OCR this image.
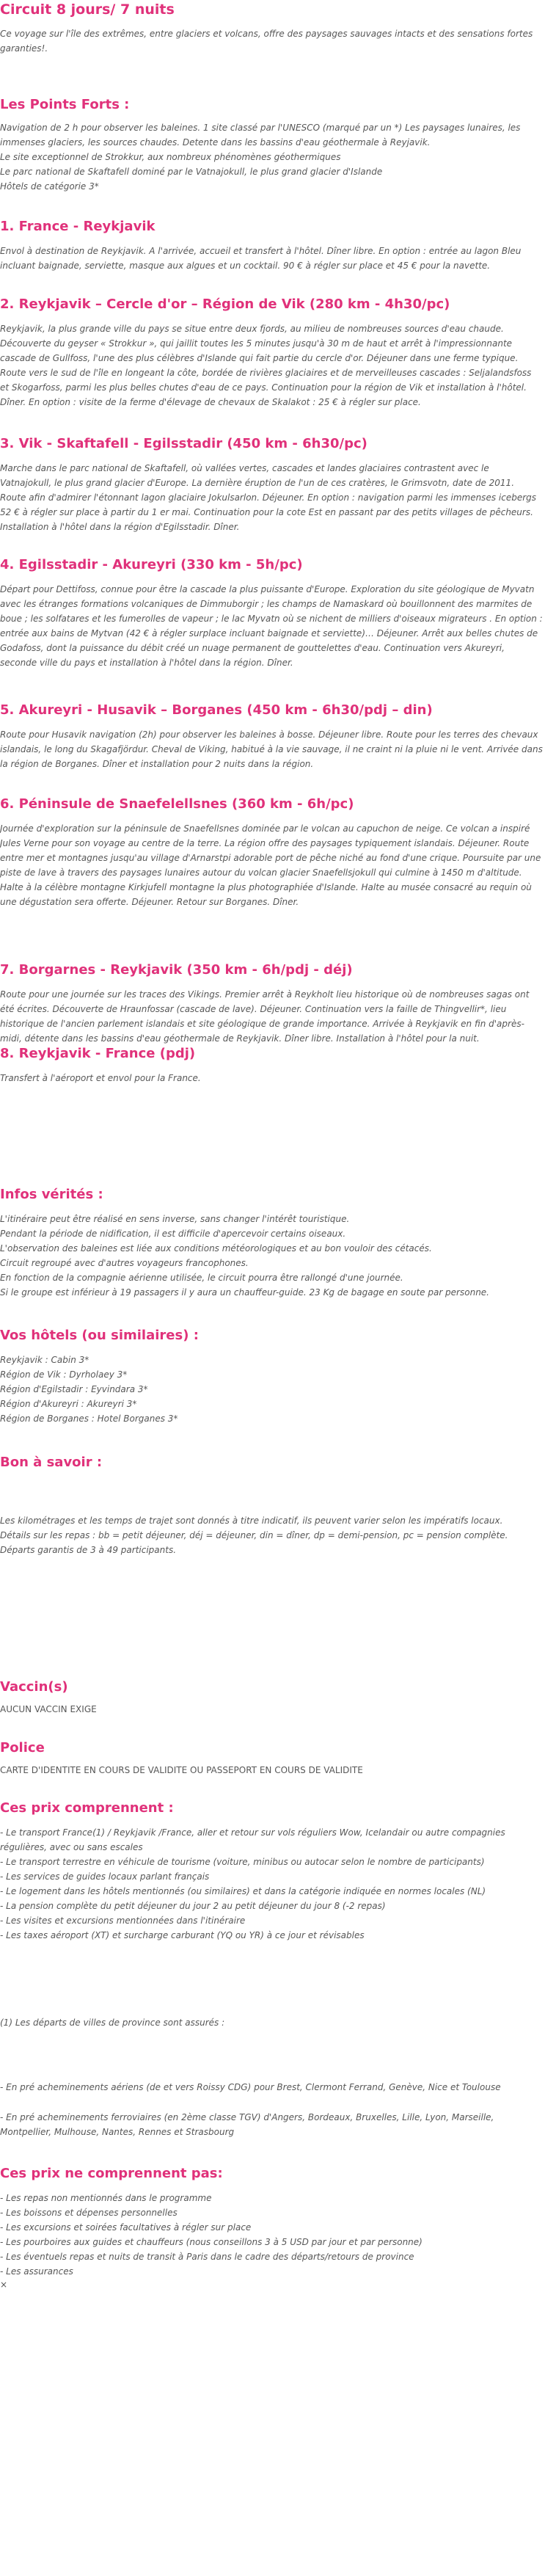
Circuit 8 jours/ 7 nuits

Ce voyage sur l'île des extrêmes, entre glaciers et volcans, offre des paysages sauvages intacts et des sensations fortes garanties!.

Les Points Forts :

Navigation de 2 h pour observer les baleines. 1 site classé par l'UNESCO (marqué par un *) Les paysages lunaires, les immenses glaciers, les sources chaudes. Detente dans les bassins d'eau géothermale à Reyjavik.

Le site exceptionnel de Strokkur, aux nombreux phénomènes géothermiques

Le parc national de Skaftafell dominé par le Vatnajokull, le plus grand glacier d'Islande

Hôtels de catégorie 3*

1. France - Reykjavik

Envol à destination de Reykjavik. A l'arrivée, accueil et transfert à l'hôtel. Dîner libre. En option : entrée au lagon Bleu incluant baignade, serviette, masque aux algues et un cocktail. 90 € à régler sur place et 45 € pour la navette.

2. Reykjavik – Cercle d'or – Région de Vik (280 km - 4h30/pc)

Reykjavik, la plus grande ville du pays se situe entre deux fjords, au milieu de nombreuses sources d'eau chaude. Découverte du geyser « Strokkur », qui jaillit toutes les 5 minutes jusqu'à 30 m de haut et arrêt à l'impressionnante cascade de Gullfoss, l'une des plus célèbres d'Islande qui fait partie du cercle d'or. Déjeuner dans une ferme typique. Route vers le sud de l'île en longeant la côte, bordée de rivières glaciaires et de merveilleuses cascades : Seljalandsfoss et Skogarfoss, parmi les plus belles chutes d'eau de ce pays. Continuation pour la région de Vik et installation à l'hôtel. Dîner. En option : visite de la ferme d'élevage de chevaux de Skalakot : 25 € à régler sur place.

3. Vik - Skaftafell - Egilsstadir (450 km - 6h30/pc)

Marche dans le parc national de Skaftafell, où vallées vertes, cascades et landes glaciaires contrastent avec le Vatnajokull, le plus grand glacier d'Europe. La dernière éruption de l'un de ces cratères, le Grimsvotn, date de 2011. Route afin d'admirer l'étonnant lagon glaciaire Jokulsarlon. Déjeuner. En option : navigation parmi les immenses icebergs 52 € à régler sur place à partir du 1 er mai. Continuation pour la cote Est en passant par des petits villages de pêcheurs. Installation à l'hôtel dans la région d'Egilsstadir. Dîner.

4. Egilsstadir - Akureyri (330 km - 5h/pc)

Départ pour Dettifoss, connue pour être la cascade la plus puissante d'Europe. Exploration du site géologique de Myvatn avec les étranges formations volcaniques de Dimmuborgir ; les champs de Namaskard où bouillonnent des marmites de boue ; les solfatares et les fumerolles de vapeur ; le lac Myvatn où se nichent de milliers d'oiseaux migrateurs . En option : entrée aux bains de Mytvan (42 € à régler surplace incluant baignade et serviette)… Déjeuner. Arrêt aux belles chutes de Godafoss, dont la puissance du débit créé un nuage permanent de gouttelettes d'eau. Continuation vers Akureyri, seconde ville du pays et installation à l'hôtel dans la région. Dîner.

5. Akureyri - Husavik – Borganes (450 km - 6h30/pdj – din)

Route pour Husavik navigation (2h) pour observer les baleines à bosse. Déjeuner libre. Route pour les terres des chevaux islandais, le long du Skagafjördur. Cheval de Viking, habitué à la vie sauvage, il ne craint ni la pluie ni le vent. Arrivée dans la région de Borganes. Dîner et installation pour 2 nuits dans la région.

6. Péninsule de Snaefelellsnes (360 km - 6h/pc)

Journée d'exploration sur la péninsule de Snaefellsnes dominée par le volcan au capuchon de neige. Ce volcan a inspiré Jules Verne pour son voyage au centre de la terre. La région offre des paysages typiquement islandais. Déjeuner. Route entre mer et montagnes jusqu'au village d'Arnarstpi adorable port de pêche niché au fond d'une crique. Poursuite par une piste de lave à travers des paysages lunaires autour du volcan glacier Snaefellsjokull qui culmine à 1450 m d'altitude. Halte à la célèbre montagne Kirkjufell montagne la plus photographiée d'Islande. Halte au musée consacré au requin où une dégustation sera offerte. Déjeuner. Retour sur Borganes. Dîner.

7. Borgarnes - Reykjavik (350 km - 6h/pdj - déj)

Route pour une journée sur les traces des Vikings. Premier arrêt à Reykholt lieu historique où de nombreuses sagas ont été écrites. Découverte de Hraunfossar (cascade de lave). Déjeuner. Continuation vers la faille de Thingvellir*, lieu historique de l'ancien parlement islandais et site géologique de grande importance. Arrivée à Reykjavik en fin d'après-midi, détente dans les bassins d'eau géothermale de Reykjavik. Dîner libre. Installation à l'hôtel pour la nuit.

8. Reykjavik - France (pdj)

Transfert à l'aéroport et envol pour la France.

Infos vérités :

L'itinéraire peut être réalisé en sens inverse, sans changer l'intérêt touristique.

Pendant la période de nidification, il est difficile d'apercevoir certains oiseaux.

L'observation des baleines est liée aux conditions météorologiques et au bon vouloir des cétacés.

Circuit regroupé avec d'autres voyageurs francophones.

En fonction de la compagnie aérienne utilisée, le circuit pourra être rallongé d'une journée.

Si le groupe est inférieur à 19 passagers il y aura un chauffeur-guide. 23 Kg de bagage en soute par personne.

Vos hôtels (ou similaires) :

Reykjavik : Cabin 3*

Région de Vik : Dyrholaey 3*

Région d'Egilstadir : Eyvindara 3*

Région d'Akureyri : Akureyri 3*

Région de Borganes : Hotel Borganes 3*

Bon à savoir :

Les kilométrages et les temps de trajet sont donnés à titre indicatif, ils peuvent varier selon les impératifs locaux.

Détails sur les repas : bb = petit déjeuner, déj = déjeuner, din = dîner, dp = demi-pension, pc = pension complète.

Départs garantis de 3 à 49 participants.

Vaccin(s)

AUCUN VACCIN EXIGE

Police

CARTE D'IDENTITE EN COURS DE VALIDITE OU PASSEPORT EN COURS DE VALIDITE

Ces prix comprennent :

- Le transport France(1) / Reykjavik /France, aller et retour sur vols réguliers Wow, Icelandair ou autre compagnies régulières, avec ou sans escales

- Le transport terrestre en véhicule de tourisme (voiture, minibus ou autocar selon le nombre de participants)

- Les services de guides locaux parlant français

- Le logement dans les hôtels mentionnés (ou similaires) et dans la catégorie indiquée en normes locales (NL)

- La pension complète du petit déjeuner du jour 2 au petit déjeuner du jour 8 (-2 repas)

- Les visites et excursions mentionnées dans l'itinéraire

- Les taxes aéroport (XT) et surcharge carburant (YQ ou YR) à ce jour et révisables

(1) Les départs de villes de province sont assurés :

- En pré acheminements aériens (de et vers Roissy CDG) pour Brest, Clermont Ferrand, Genève, Nice et Toulouse

- En pré acheminements ferroviaires (en 2ème classe TGV) d'Angers, Bordeaux, Bruxelles, Lille, Lyon, Marseille, Montpellier, Mulhouse, Nantes, Rennes et Strasbourg

Ces prix ne comprennent pas:

- Les repas non mentionnés dans le programme

- Les boissons et dépenses personnelles

- Les excursions et soirées facultatives à régler sur place

- Les pourboires aux guides et chauffeurs (nous conseillons 3 à 5 USD par jour et par personne)

- Les éventuels repas et nuits de transit à Paris dans le cadre des départs/retours de province

- Les assurances

×
